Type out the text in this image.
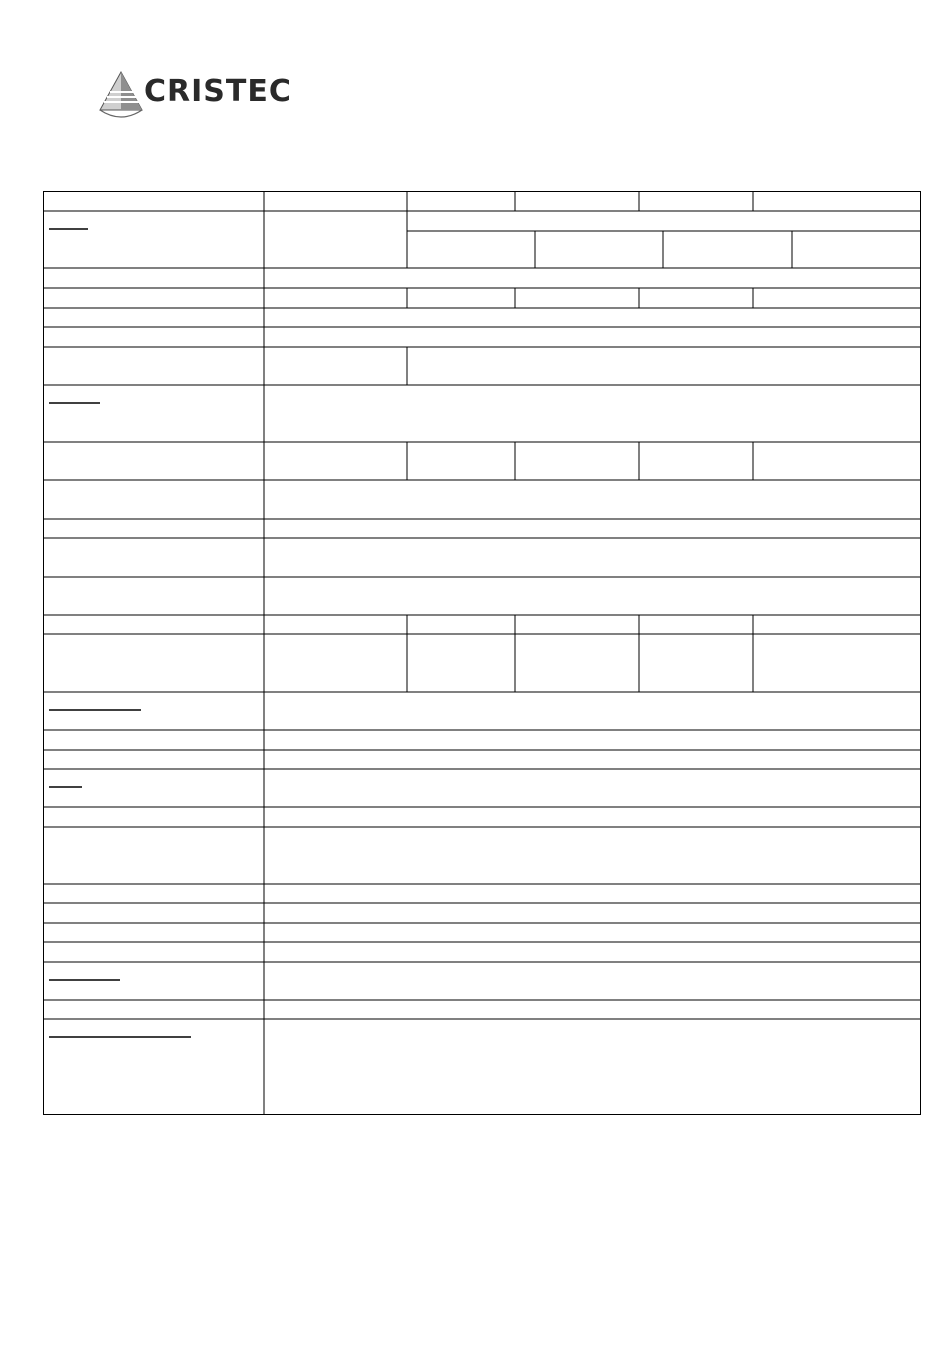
CRISTEC
